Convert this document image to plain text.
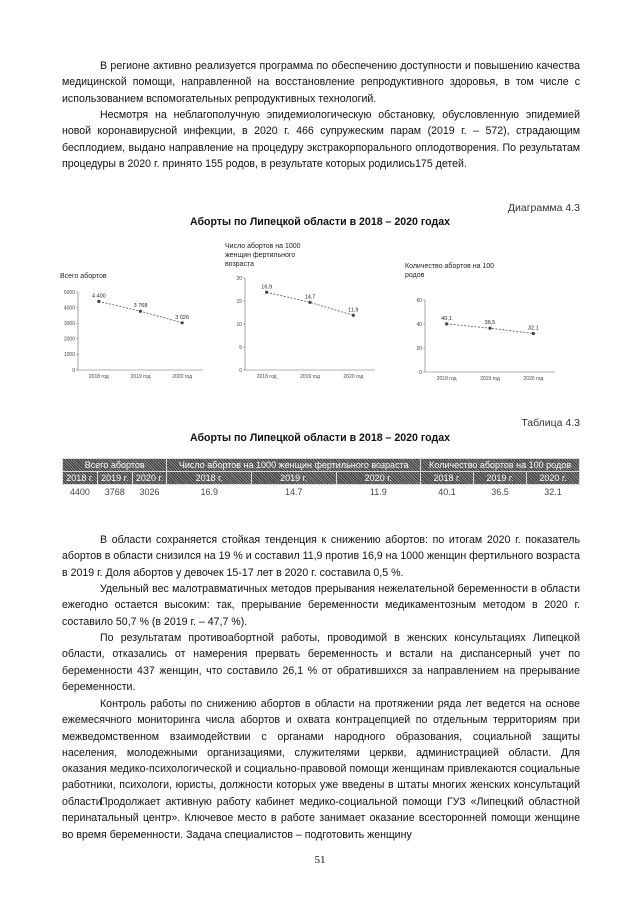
В регионе активно реализуется программа по обеспечению доступности и повышению качества медицинской помощи, направленной на восстановление репродуктивного здоровья, в том числе с использованием вспомогательных репродуктивных технологий.

Несмотря на неблагополучную эпидемиологическую обстановку, обусловленную эпидемией новой коронавирусной инфекции, в 2020 г. 466 супружеским парам (2019 г. – 572), страдающим бесплодием, выдано направление на процедуру экстракорпорального оплодотворения. По результатам процедуры в 2020 г. принято 155 родов, в результате которых родились175 детей.

Диаграмма 4.3
Аборты по Липецкой области в 2018 – 2020 годах
Всего абортов
0
1000
2000
3000
4000
5000
2018 год	2019 год	2020 год
4 400
3 768
3 026
Число абортов на 1000
женщин фертильного
возраста
0
5
10
15
20
2018 год	2019 год	2020 год
16,9
14,7
11,9
Количество абортов на 100
родов
0
20
40
60
2018 год	2019 год	2020 год
40,1
36,5
32,1
Таблица 4.3
Аборты по Липецкой области в 2018 – 2020 годах
Всего абортов			Число абортов на 1000 женщин фертильного возраста			Количество абортов на 100 родов		
2018 г.	2019 г.	2020 г.	2018 г.	2019 г.	2020 г.	2018 г.	2019 г.	2020 г.
4400	3768	3026	16.9	14.7	11.9	40.1	36.5	32.1

В области сохраняется стойкая тенденция к снижению абортов: по итогам 2020 г. показатель абортов в области снизился на 19 % и составил 11,9 против 16,9 на 1000 женщин фертильного возраста в 2019 г. Доля абортов у девочек 15-17 лет в 2020 г. составила 0,5 %.

Удельный вес малотравматичных методов прерывания нежелательной беременности в области ежегодно остается высоким: так, прерывание беременности медикаментозным методом в 2020 г. составило 50,7 % (в 2019 г. – 47,7 %).

По результатам противоабортной работы, проводимой в женских консультациях Липецкой области, отказались от намерения прервать беременность и встали на диспансерный учет по беременности 437 женщин, что составило 26,1 % от обратившихся за направлением на прерывание беременности.

Контроль работы по снижению абортов в области на протяжении ряда лет ведется на основе ежемесячного мониторинга числа абортов и охвата контрацепцией по отдельным территориям при межведомственном взаимодействии с органами народного образования, социальной защиты населения, молодежными организациями, служителями церкви, администрацией области. Для оказания медико-психологической и социально-правовой помощи женщинам привлекаются социальные работники, психологи, юристы, должности которых уже введены в штаты многих женских консультаций области.

Продолжает активную работу кабинет медико-социальной помощи ГУЗ «Липецкий областной перинатальный центр». Ключевое место в работе занимает оказание всесторонней помощи женщине во время беременности. Задача специалистов – подготовить женщину

51
